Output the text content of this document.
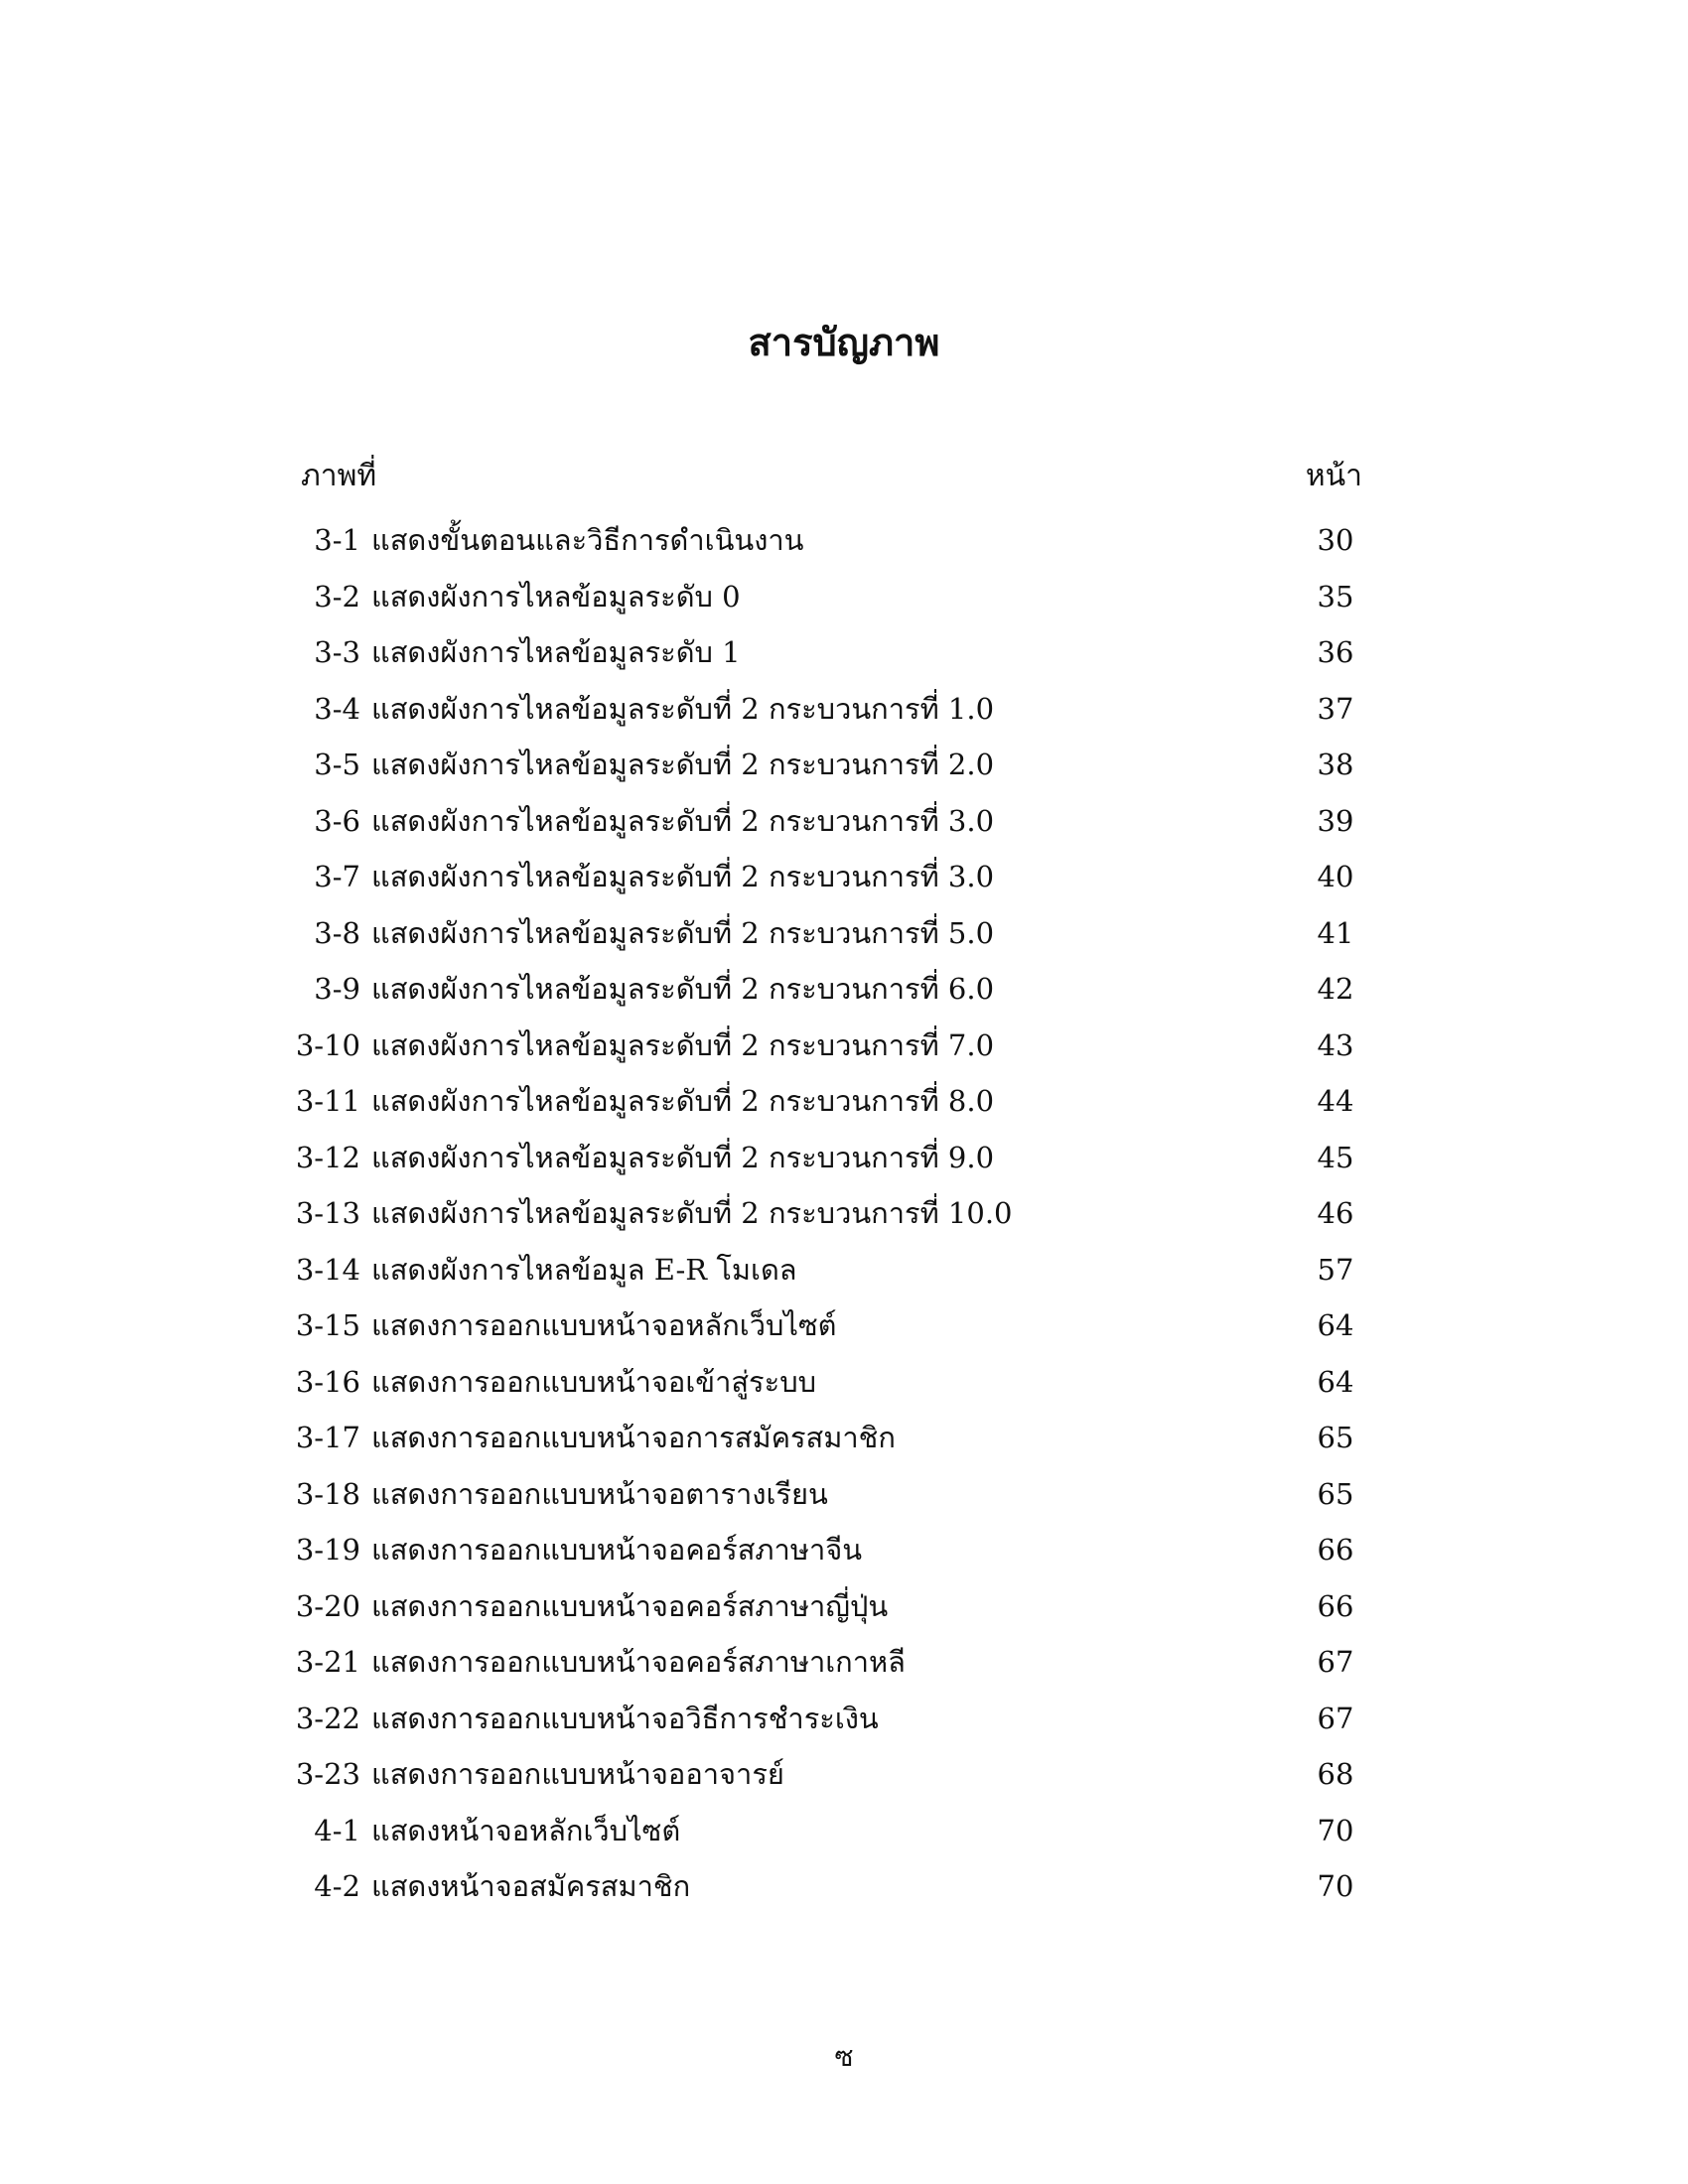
สารบัญภาพ
ภาพที่	หน้า
3-1 แสดงขั้นตอนและวิธีการดำเนินงาน	30
3-2 แสดงผังการไหลข้อมูลระดับ 0	35
3-3 แสดงผังการไหลข้อมูลระดับ 1	36
3-4 แสดงผังการไหลข้อมูลระดับที่ 2 กระบวนการที่ 1.0	37
3-5 แสดงผังการไหลข้อมูลระดับที่ 2 กระบวนการที่ 2.0	38
3-6 แสดงผังการไหลข้อมูลระดับที่ 2 กระบวนการที่ 3.0	39
3-7 แสดงผังการไหลข้อมูลระดับที่ 2 กระบวนการที่ 3.0	40
3-8 แสดงผังการไหลข้อมูลระดับที่ 2 กระบวนการที่ 5.0	41
3-9 แสดงผังการไหลข้อมูลระดับที่ 2 กระบวนการที่ 6.0	42
3-10 แสดงผังการไหลข้อมูลระดับที่ 2 กระบวนการที่ 7.0	43
3-11 แสดงผังการไหลข้อมูลระดับที่ 2 กระบวนการที่ 8.0	44
3-12 แสดงผังการไหลข้อมูลระดับที่ 2 กระบวนการที่ 9.0	45
3-13 แสดงผังการไหลข้อมูลระดับที่ 2 กระบวนการที่ 10.0	46
3-14 แสดงผังการไหลข้อมูล E-R โมเดล	57
3-15 แสดงการออกแบบหน้าจอหลักเว็บไซต์	64
3-16 แสดงการออกแบบหน้าจอเข้าสู่ระบบ	64
3-17 แสดงการออกแบบหน้าจอการสมัครสมาชิก	65
3-18 แสดงการออกแบบหน้าจอตารางเรียน	65
3-19 แสดงการออกแบบหน้าจอคอร์สภาษาจีน	66
3-20 แสดงการออกแบบหน้าจอคอร์สภาษาญี่ปุ่น	66
3-21 แสดงการออกแบบหน้าจอคอร์สภาษาเกาหลี	67
3-22 แสดงการออกแบบหน้าจอวิธีการชำระเงิน	67
3-23 แสดงการออกแบบหน้าจออาจารย์	68
4-1 แสดงหน้าจอหลักเว็บไซต์	70
4-2 แสดงหน้าจอสมัครสมาชิก	70
ซ
